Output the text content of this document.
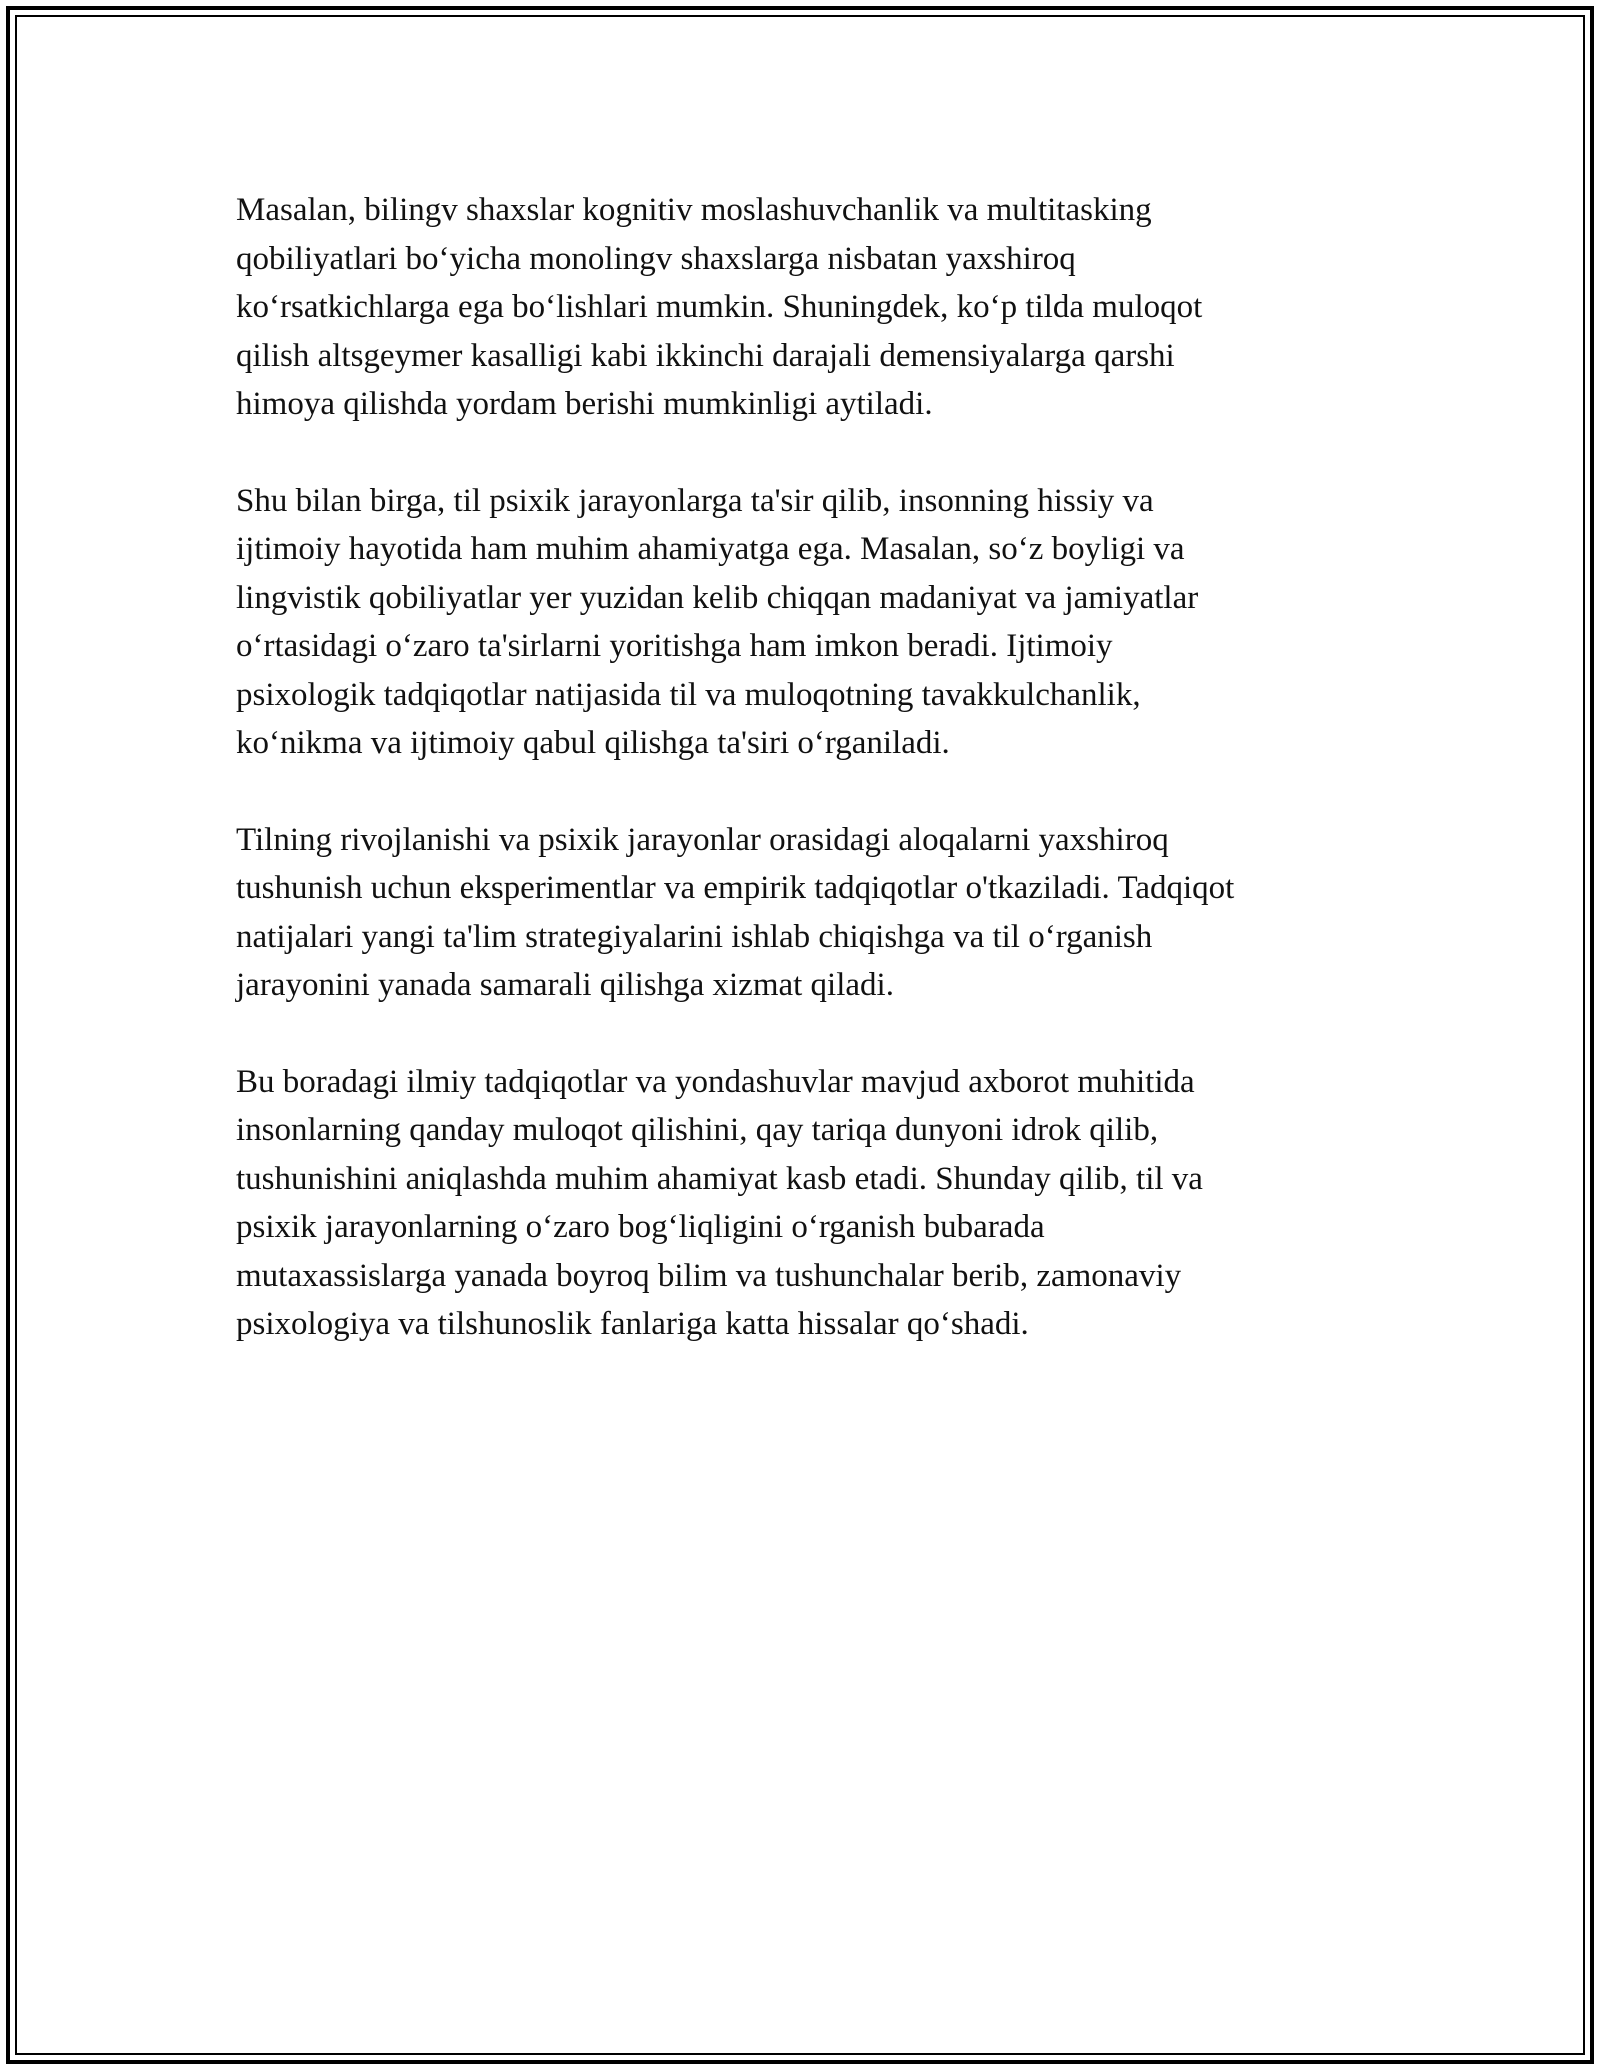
Masalan, bilingv shaxslar kognitiv moslashuvchanlik va multitasking
qobiliyatlari bo‘yicha monolingv shaxslarga nisbatan yaxshiroq
ko‘rsatkichlarga ega bo‘lishlari mumkin. Shuningdek, ko‘p tilda muloqot
qilish altsgeymer kasalligi kabi ikkinchi darajali demensiyalarga qarshi
himoya qilishda yordam berishi mumkinligi aytiladi.

Shu bilan birga, til psixik jarayonlarga ta'sir qilib, insonning hissiy va
ijtimoiy hayotida ham muhim ahamiyatga ega. Masalan, so‘z boyligi va
lingvistik qobiliyatlar yer yuzidan kelib chiqqan madaniyat va jamiyatlar
o‘rtasidagi o‘zaro ta'sirlarni yoritishga ham imkon beradi. Ijtimoiy
psixologik tadqiqotlar natijasida til va muloqotning tavakkulchanlik,
ko‘nikma va ijtimoiy qabul qilishga ta'siri o‘rganiladi.

Tilning rivojlanishi va psixik jarayonlar orasidagi aloqalarni yaxshiroq
tushunish uchun eksperimentlar va empirik tadqiqotlar o'tkaziladi. Tadqiqot
natijalari yangi ta'lim strategiyalarini ishlab chiqishga va til o‘rganish
jarayonini yanada samarali qilishga xizmat qiladi.

Bu boradagi ilmiy tadqiqotlar va yondashuvlar mavjud axborot muhitida
insonlarning qanday muloqot qilishini, qay tariqa dunyoni idrok qilib,
tushunishini aniqlashda muhim ahamiyat kasb etadi. Shunday qilib, til va
psixik jarayonlarning o‘zaro bog‘liqligini o‘rganish bubarada
mutaxassislarga yanada boyroq bilim va tushunchalar berib, zamonaviy
psixologiya va tilshunoslik fanlariga katta hissalar qo‘shadi.
